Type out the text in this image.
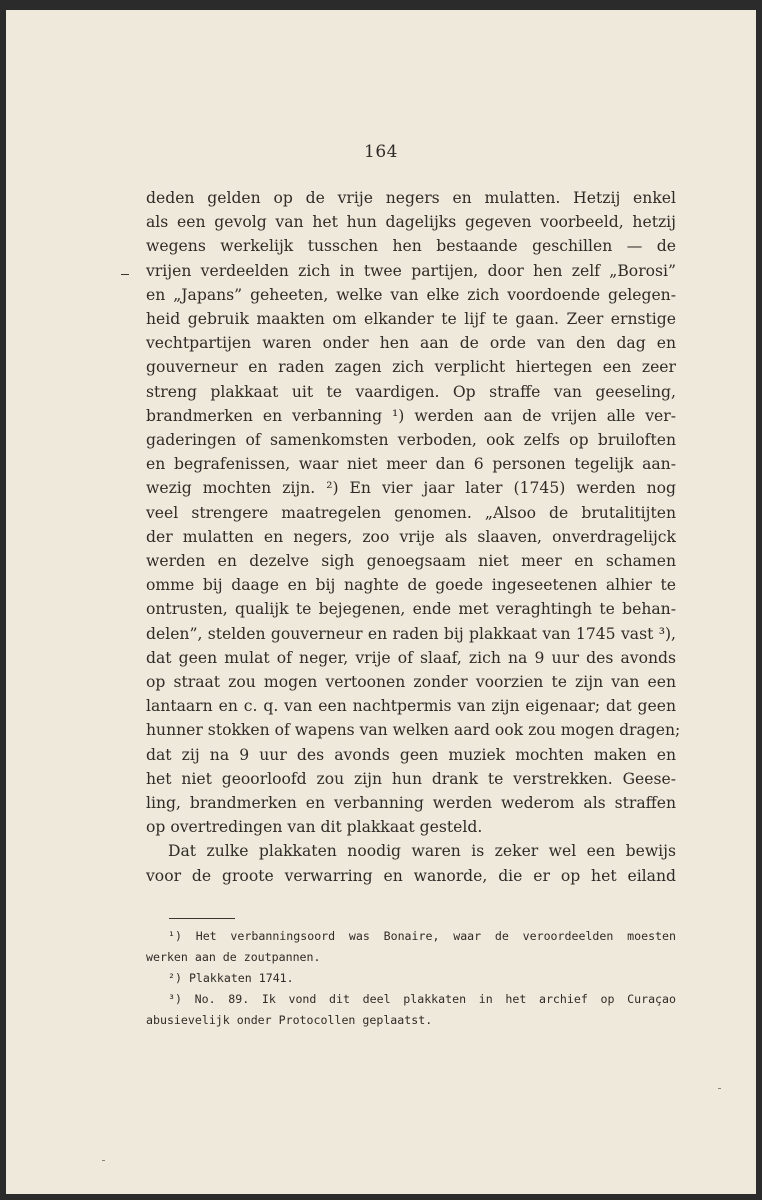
164
deden gelden op de vrije negers en mulatten. Hetzij enkel
als een gevolg van het hun dagelijks gegeven voorbeeld, hetzij
wegens werkelijk tusschen hen bestaande geschillen — de
vrijen verdeelden zich in twee partijen, door hen zelf „Borosi”
en „Japans” geheeten, welke van elke zich voordoende gelegen-
heid gebruik maakten om elkander te lijf te gaan. Zeer ernstige
vechtpartijen waren onder hen aan de orde van den dag en
gouverneur en raden zagen zich verplicht hiertegen een zeer
streng plakkaat uit te vaardigen. Op straffe van geeseling,
brandmerken en verbanning ¹) werden aan de vrijen alle ver-
gaderingen of samenkomsten verboden, ook zelfs op bruiloften
en begrafenissen, waar niet meer dan 6 personen tegelijk aan-
wezig mochten zijn. ²) En vier jaar later (1745) werden nog
veel strengere maatregelen genomen. „Alsoo de brutalitijten
der mulatten en negers, zoo vrije als slaaven, onverdragelijck
werden en dezelve sigh genoegsaam niet meer en schamen
omme bij daage en bij naghte de goede ingeseetenen alhier te
ontrusten, qualijk te bejegenen, ende met veraghtingh te behan-
delen”, stelden gouverneur en raden bij plakkaat van 1745 vast ³),
dat geen mulat of neger, vrije of slaaf, zich na 9 uur des avonds
op straat zou mogen vertoonen zonder voorzien te zijn van een
lantaarn en c. q. van een nachtpermis van zijn eigenaar; dat geen
hunner stokken of wapens van welken aard ook zou mogen dragen;
dat zij na 9 uur des avonds geen muziek mochten maken en
het niet geoorloofd zou zijn hun drank te verstrekken. Geese-
ling, brandmerken en verbanning werden wederom als straffen
op overtredingen van dit plakkaat gesteld.
Dat zulke plakkaten noodig waren is zeker wel een bewijs
voor de groote verwarring en wanorde, die er op het eiland
¹) Het verbanningsoord was Bonaire, waar de veroordeelden moesten
werken aan de zoutpannen.
²) Plakkaten 1741.
³) No. 89. Ik vond dit deel plakkaten in het archief op Curaçao
abusievelijk onder Protocollen geplaatst.
